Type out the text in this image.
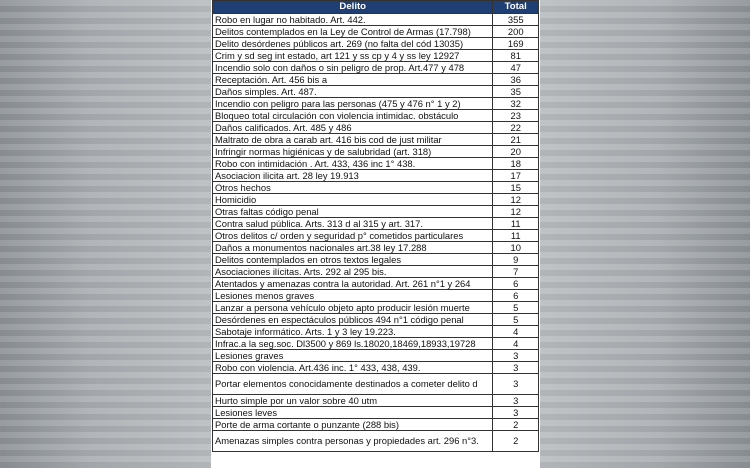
Delito	Total
Robo en lugar no habitado. Art. 442.	355
Delitos contemplados en la Ley de Control de Armas (17.798)	200
Delito desórdenes públicos art. 269 (no falta del cód 13035)	169
Crim y sd seg int estado, art 121 y ss cp y 4 y ss ley 12927	81
Incendio solo con daños o sin peligro de prop. Art.477 y 478	47
Receptación. Art. 456 bis a	36
Daños simples. Art. 487.	35
Incendio con peligro para las personas (475 y 476 n° 1 y 2)	32
Bloqueo total circulación con violencia intimidac. obstáculo	23
Daños calificados. Art. 485 y 486	22
Maltrato de obra a carab art. 416 bis cod de just militar	21
Infringir normas higiénicas y de salubridad (art. 318)	20
Robo con intimidación . Art. 433, 436 inc 1° 438.	18
Asociacion ilicita art. 28 ley 19.913	17
Otros hechos	15
Homicidio	12
Otras faltas código penal	12
Contra salud pública. Arts. 313 d al 315 y art. 317.	11
Otros delitos c/ orden y seguridad p° cometidos particulares	11
Daños a monumentos nacionales art.38 ley 17.288	10
Delitos contemplados en otros textos legales	9
Asociaciones ilícitas. Arts. 292 al 295 bis.	7
Atentados y amenazas contra la autoridad. Art. 261 n°1 y 264	6
Lesiones menos graves	6
Lanzar a persona vehículo objeto apto producir lesión muerte	5
Desórdenes en espectáculos públicos 494 n°1 código penal	5
Sabotaje informático. Arts. 1 y 3 ley 19.223.	4
Infrac.a la seg.soc. Dl3500 y 869 ls.18020,18469,18933,19728	4
Lesiones graves	3
Robo con violencia. Art.436 inc. 1° 433, 438, 439.	3
Portar elementos conocidamente destinados a cometer delito d	3
Hurto simple por un valor sobre 40 utm	3
Lesiones leves	3
Porte de arma cortante o punzante (288 bis)	2
Amenazas simples contra personas y propiedades art. 296 n°3.	2
